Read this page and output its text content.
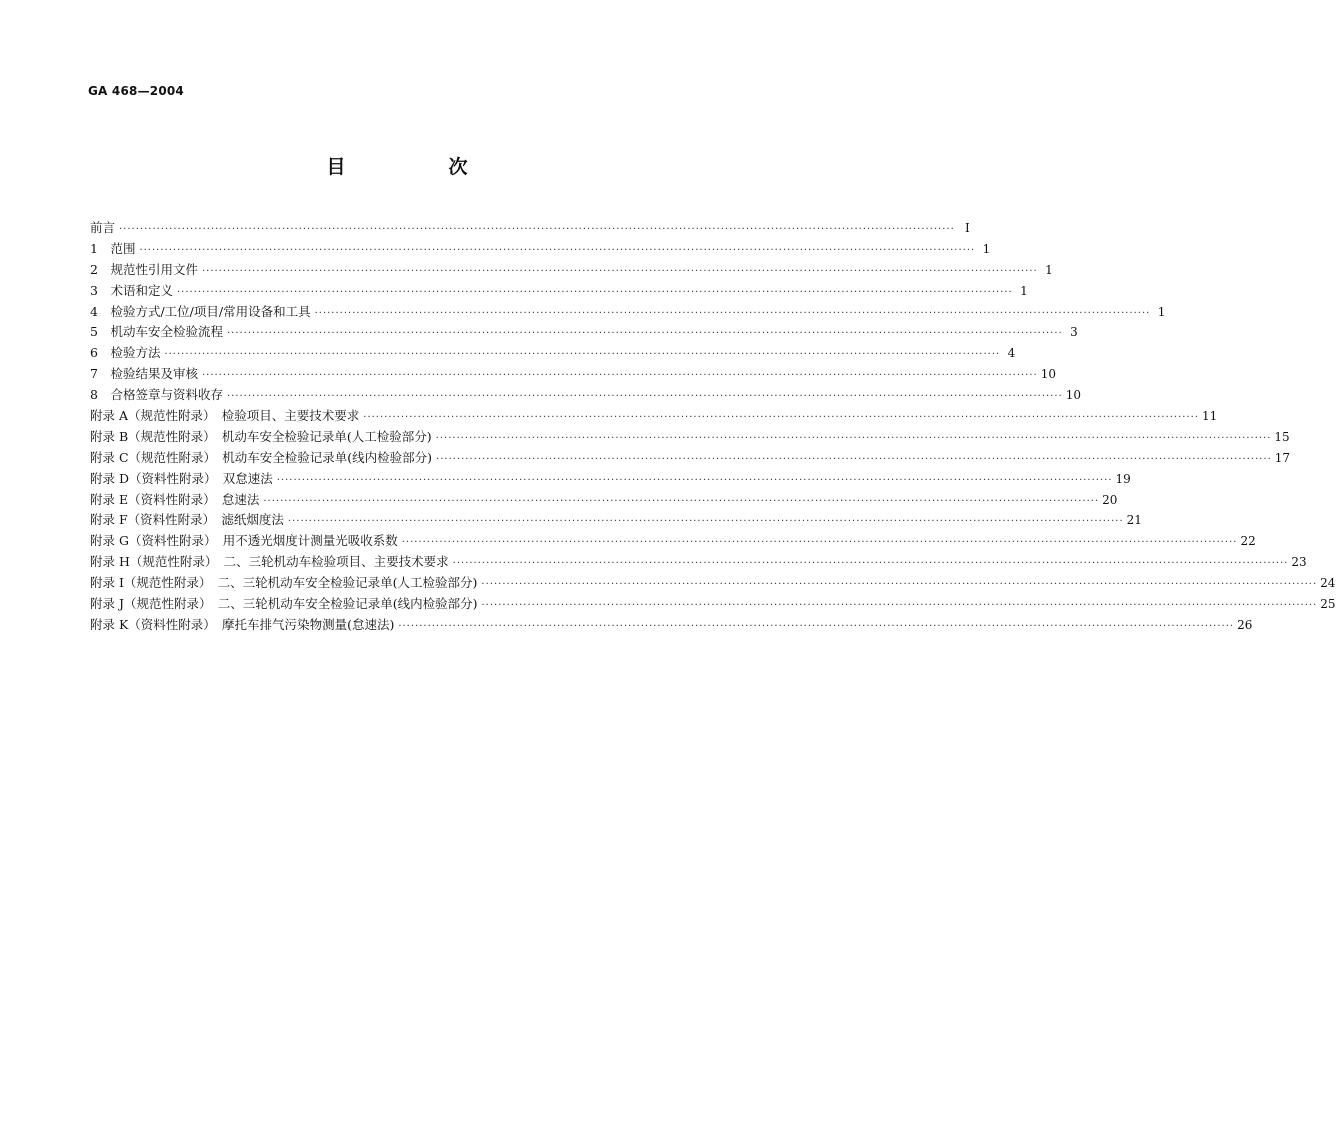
GA 468—2004
目　次
前言 ········································································································································································································ I
1　范围 ········································································································································································································ 1
2　规范性引用文件 ········································································································································································································ 1
3　术语和定义 ········································································································································································································ 1
4　检验方式/工位/项目/常用设备和工具 ········································································································································································································ 1
5　机动车安全检验流程 ········································································································································································································ 3
6　检验方法 ········································································································································································································ 4
7　检验结果及审核 ········································································································································································································ 10
8　合格签章与资料收存 ········································································································································································································ 10
附录 A（规范性附录）　检验项目、主要技术要求 ········································································································································································································ 11
附录 B（规范性附录）　机动车安全检验记录单(人工检验部分) ········································································································································································································ 15
附录 C（规范性附录）　机动车安全检验记录单(线内检验部分) ········································································································································································································ 17
附录 D（资料性附录）　双怠速法 ········································································································································································································ 19
附录 E（资料性附录）　怠速法 ········································································································································································································ 20
附录 F（资料性附录）　滤纸烟度法 ········································································································································································································ 21
附录 G（资料性附录）　用不透光烟度计测量光吸收系数 ········································································································································································································ 22
附录 H（规范性附录）　二、三轮机动车检验项目、主要技术要求 ········································································································································································································ 23
附录 I（规范性附录）　二、三轮机动车安全检验记录单(人工检验部分) ········································································································································································································ 24
附录 J（规范性附录）　二、三轮机动车安全检验记录单(线内检验部分) ········································································································································································································ 25
附录 K（资料性附录）　摩托车排气污染物测量(怠速法) ········································································································································································································ 26
